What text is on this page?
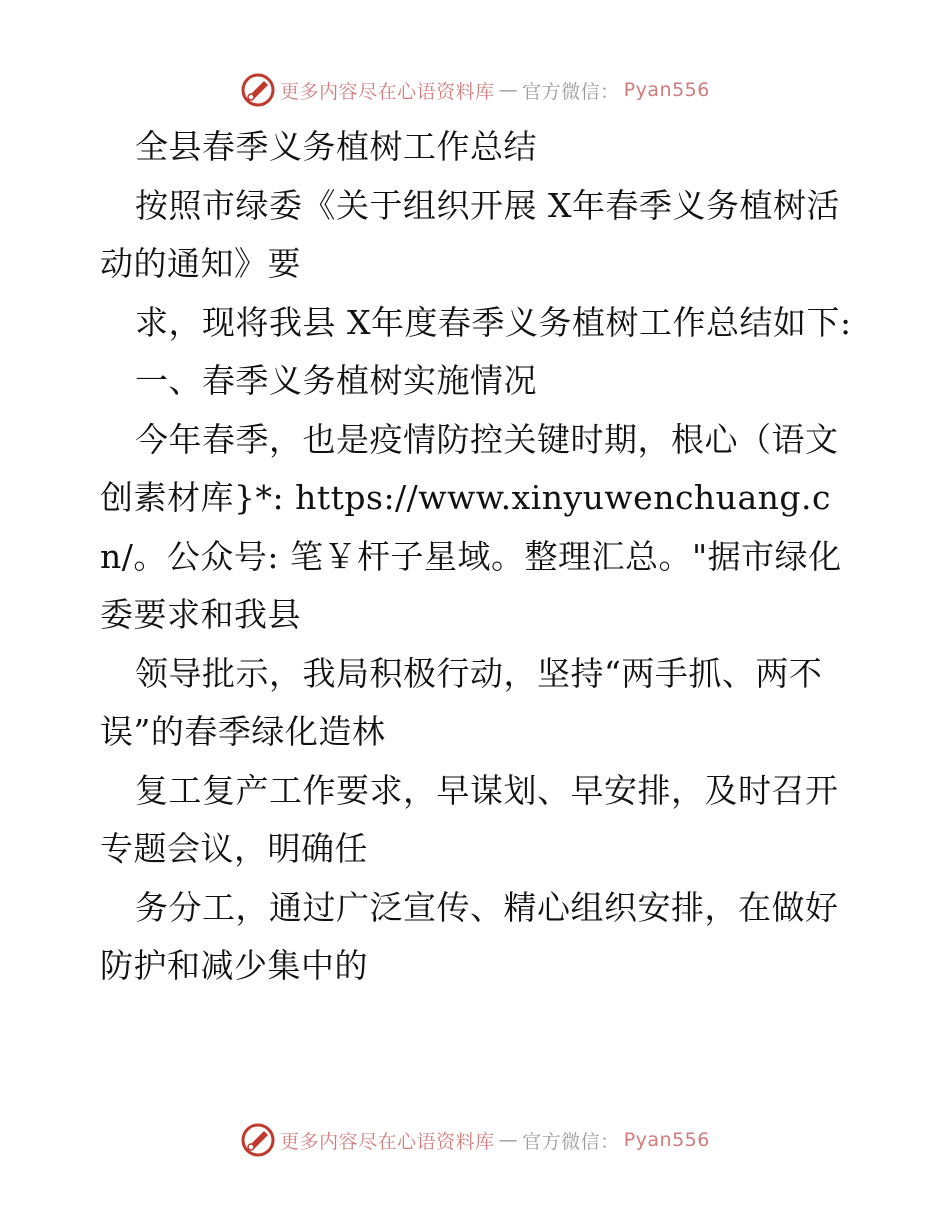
更多内容尽在心语资料库 — 官方微信： Pyan556

全县春季义务植树工作总结

按照市绿委《关于组织开展 X年春季义务植树活动的通知》要

求，现将我县 X年度春季义务植树工作总结如下:

一、春季义务植树实施情况

今年春季，也是疫情防控关键时期，根心（语文创素材库}*: https://www.xinyuwenchuang.cn/。公众号: 笔￥杆子星域。整理汇总。"据市绿化委要求和我县

领导批示，我局积极行动，坚持“两手抓、两不误”的春季绿化造林

复工复产工作要求，早谋划、早安排，及时召开专题会议，明确任

务分工，通过广泛宣传、精心组织安排，在做好防护和减少集中的

更多内容尽在心语资料库 — 官方微信： Pyan556
